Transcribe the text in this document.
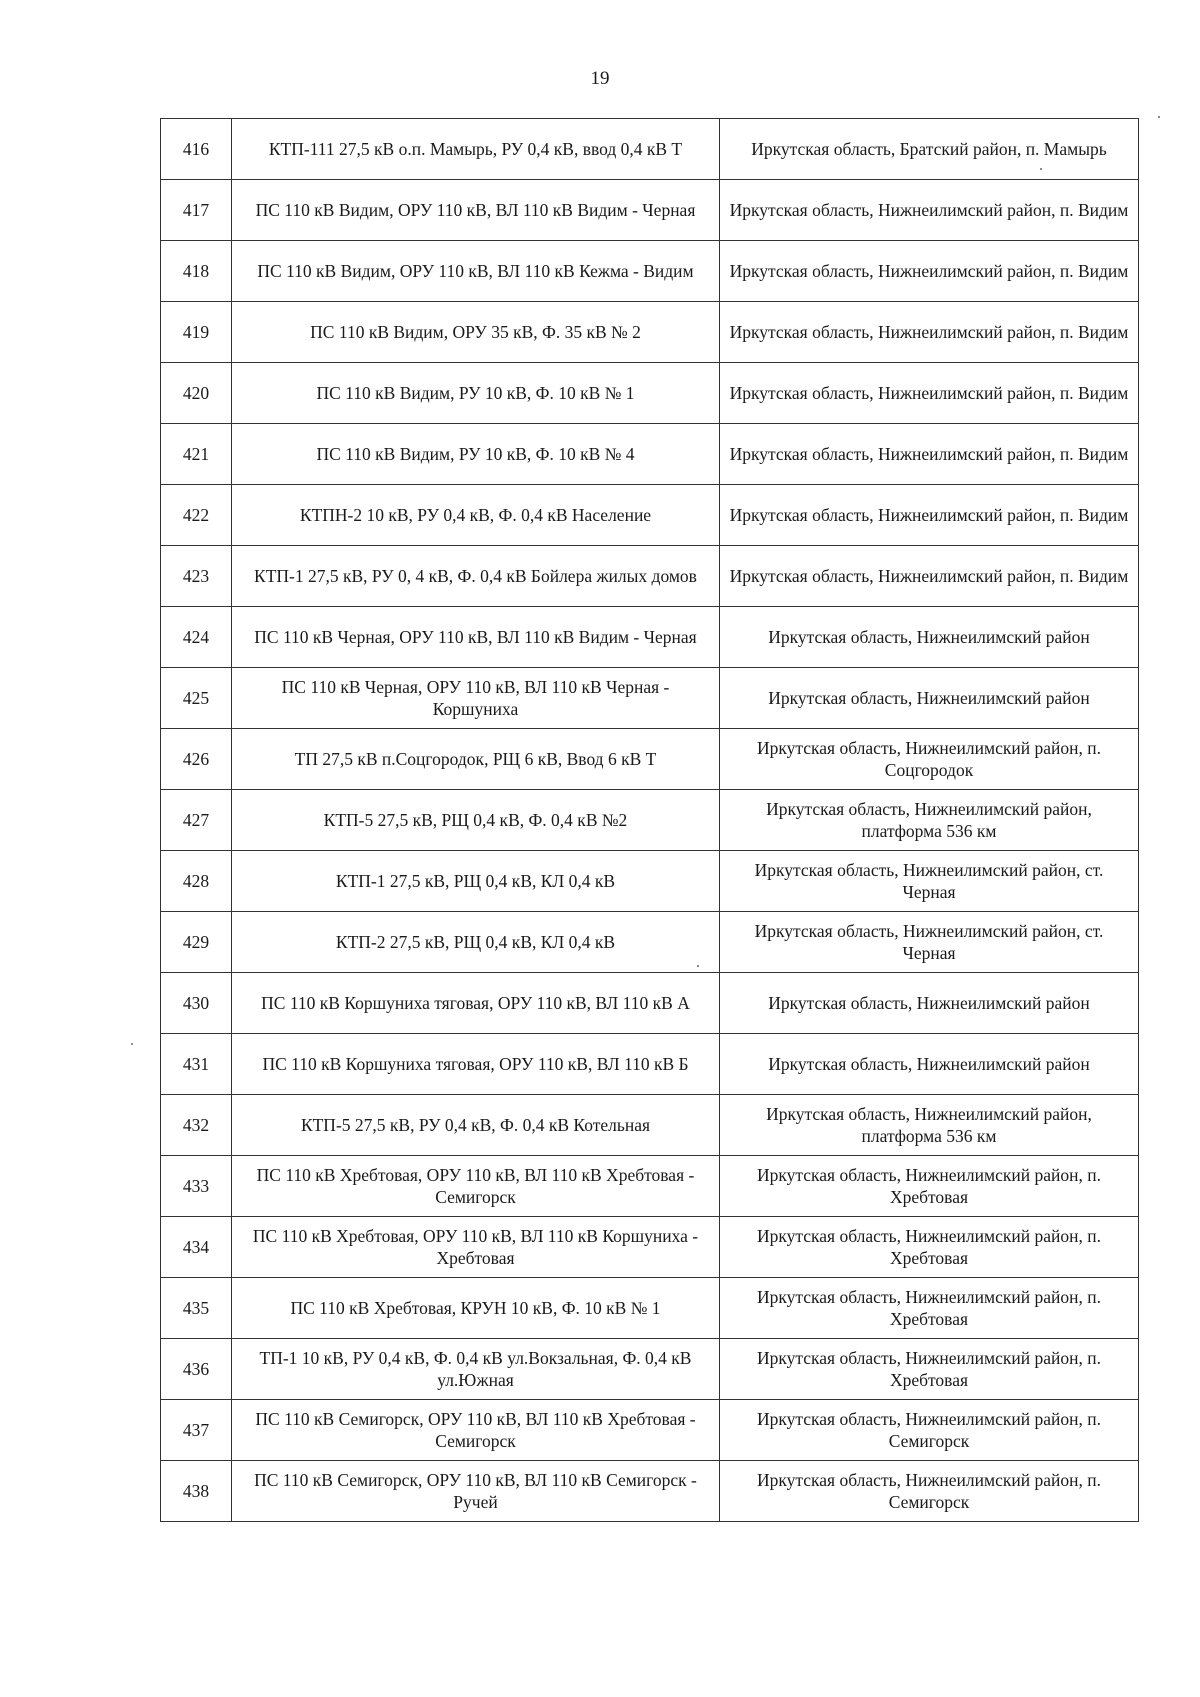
19
416	КТП-111 27,5 кВ о.п. Мамырь, РУ 0,4 кВ, ввод 0,4 кВ Т	Иркутская область, Братский район, п. Мамырь
417	ПС 110 кВ Видим, ОРУ 110 кВ, ВЛ 110 кВ Видим - Черная	Иркутская область, Нижнеилимский район, п. Видим
418	ПС 110 кВ Видим, ОРУ 110 кВ, ВЛ 110 кВ Кежма - Видим	Иркутская область, Нижнеилимский район, п. Видим
419	ПС 110 кВ Видим, ОРУ 35 кВ, Ф. 35 кВ № 2	Иркутская область, Нижнеилимский район, п. Видим
420	ПС 110 кВ Видим, РУ 10 кВ, Ф. 10 кВ № 1	Иркутская область, Нижнеилимский район, п. Видим
421	ПС 110 кВ Видим, РУ 10 кВ, Ф. 10 кВ № 4	Иркутская область, Нижнеилимский район, п. Видим
422	КТПН-2 10 кВ, РУ 0,4 кВ, Ф. 0,4 кВ Население	Иркутская область, Нижнеилимский район, п. Видим
423	КТП-1 27,5 кВ, РУ 0, 4 кВ, Ф. 0,4 кВ Бойлера жилых домов	Иркутская область, Нижнеилимский район, п. Видим
424	ПС 110 кВ Черная, ОРУ 110 кВ, ВЛ 110 кВ Видим - Черная	Иркутская область, Нижнеилимский район
425	ПС 110 кВ Черная, ОРУ 110 кВ, ВЛ 110 кВ Черная - Коршуниха	Иркутская область, Нижнеилимский район
426	ТП 27,5 кВ п.Соцгородок, РЩ 6 кВ, Ввод 6 кВ Т	Иркутская область, Нижнеилимский район, п. Соцгородок
427	КТП-5 27,5 кВ, РЩ 0,4 кВ, Ф. 0,4 кВ №2	Иркутская область, Нижнеилимский район, платформа 536 км
428	КТП-1 27,5 кВ, РЩ 0,4 кВ, КЛ 0,4 кВ	Иркутская область, Нижнеилимский район, ст. Черная
429	КТП-2 27,5 кВ, РЩ 0,4 кВ, КЛ 0,4 кВ	Иркутская область, Нижнеилимский район, ст. Черная
430	ПС 110 кВ Коршуниха тяговая, ОРУ 110 кВ, ВЛ 110 кВ А	Иркутская область, Нижнеилимский район
431	ПС 110 кВ Коршуниха тяговая, ОРУ 110 кВ, ВЛ 110 кВ Б	Иркутская область, Нижнеилимский район
432	КТП-5 27,5 кВ, РУ 0,4 кВ, Ф. 0,4 кВ Котельная	Иркутская область, Нижнеилимский район, платформа 536 км
433	ПС 110 кВ Хребтовая, ОРУ 110 кВ, ВЛ 110 кВ Хребтовая - Семигорск	Иркутская область, Нижнеилимский район, п. Хребтовая
434	ПС 110 кВ Хребтовая, ОРУ 110 кВ, ВЛ 110 кВ Коршуниха - Хребтовая	Иркутская область, Нижнеилимский район, п. Хребтовая
435	ПС 110 кВ Хребтовая, КРУН 10 кВ, Ф. 10 кВ № 1	Иркутская область, Нижнеилимский район, п. Хребтовая
436	ТП-1 10 кВ, РУ 0,4 кВ, Ф. 0,4 кВ ул.Вокзальная, Ф. 0,4 кВ ул.Южная	Иркутская область, Нижнеилимский район, п. Хребтовая
437	ПС 110 кВ Семигорск, ОРУ 110 кВ, ВЛ 110 кВ Хребтовая - Семигорск	Иркутская область, Нижнеилимский район, п. Семигорск
438	ПС 110 кВ Семигорск, ОРУ 110 кВ, ВЛ 110 кВ Семигорск - Ручей	Иркутская область, Нижнеилимский район, п. Семигорск
